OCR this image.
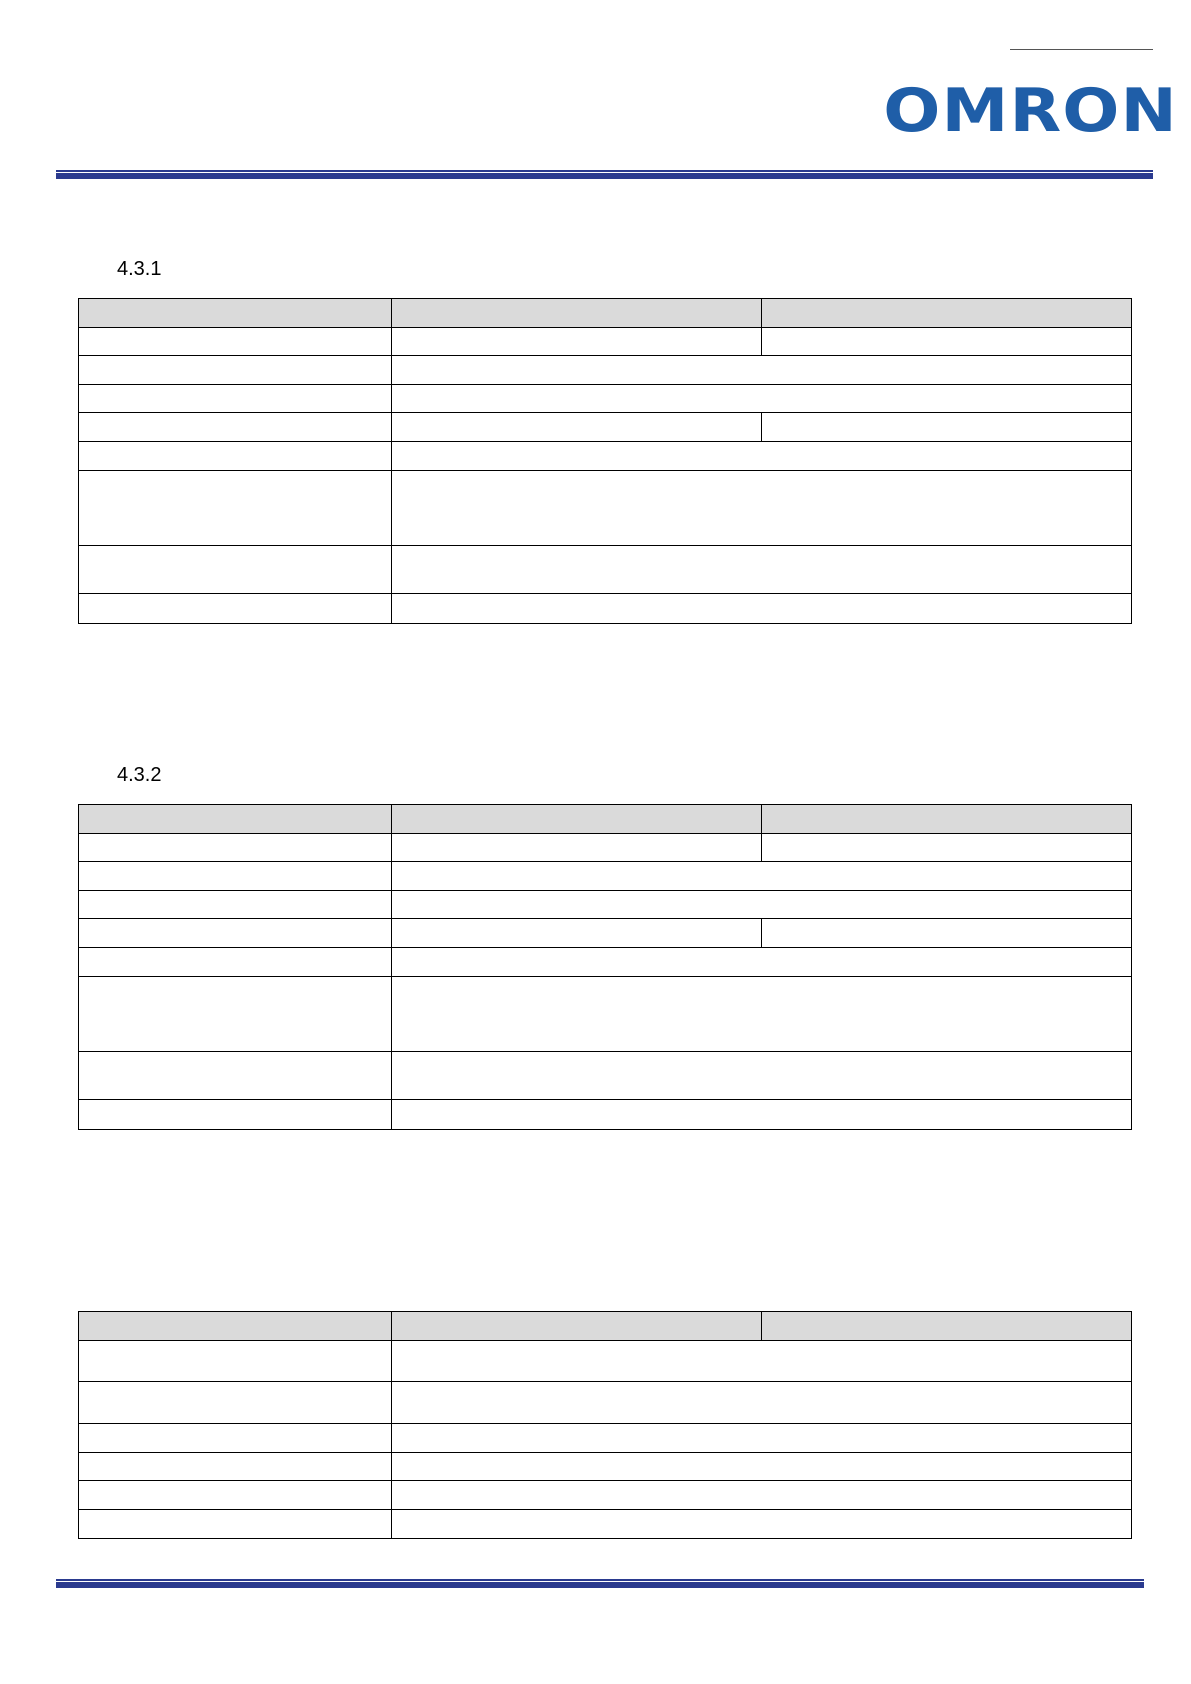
OMRON
4.3.1

4.3.2
